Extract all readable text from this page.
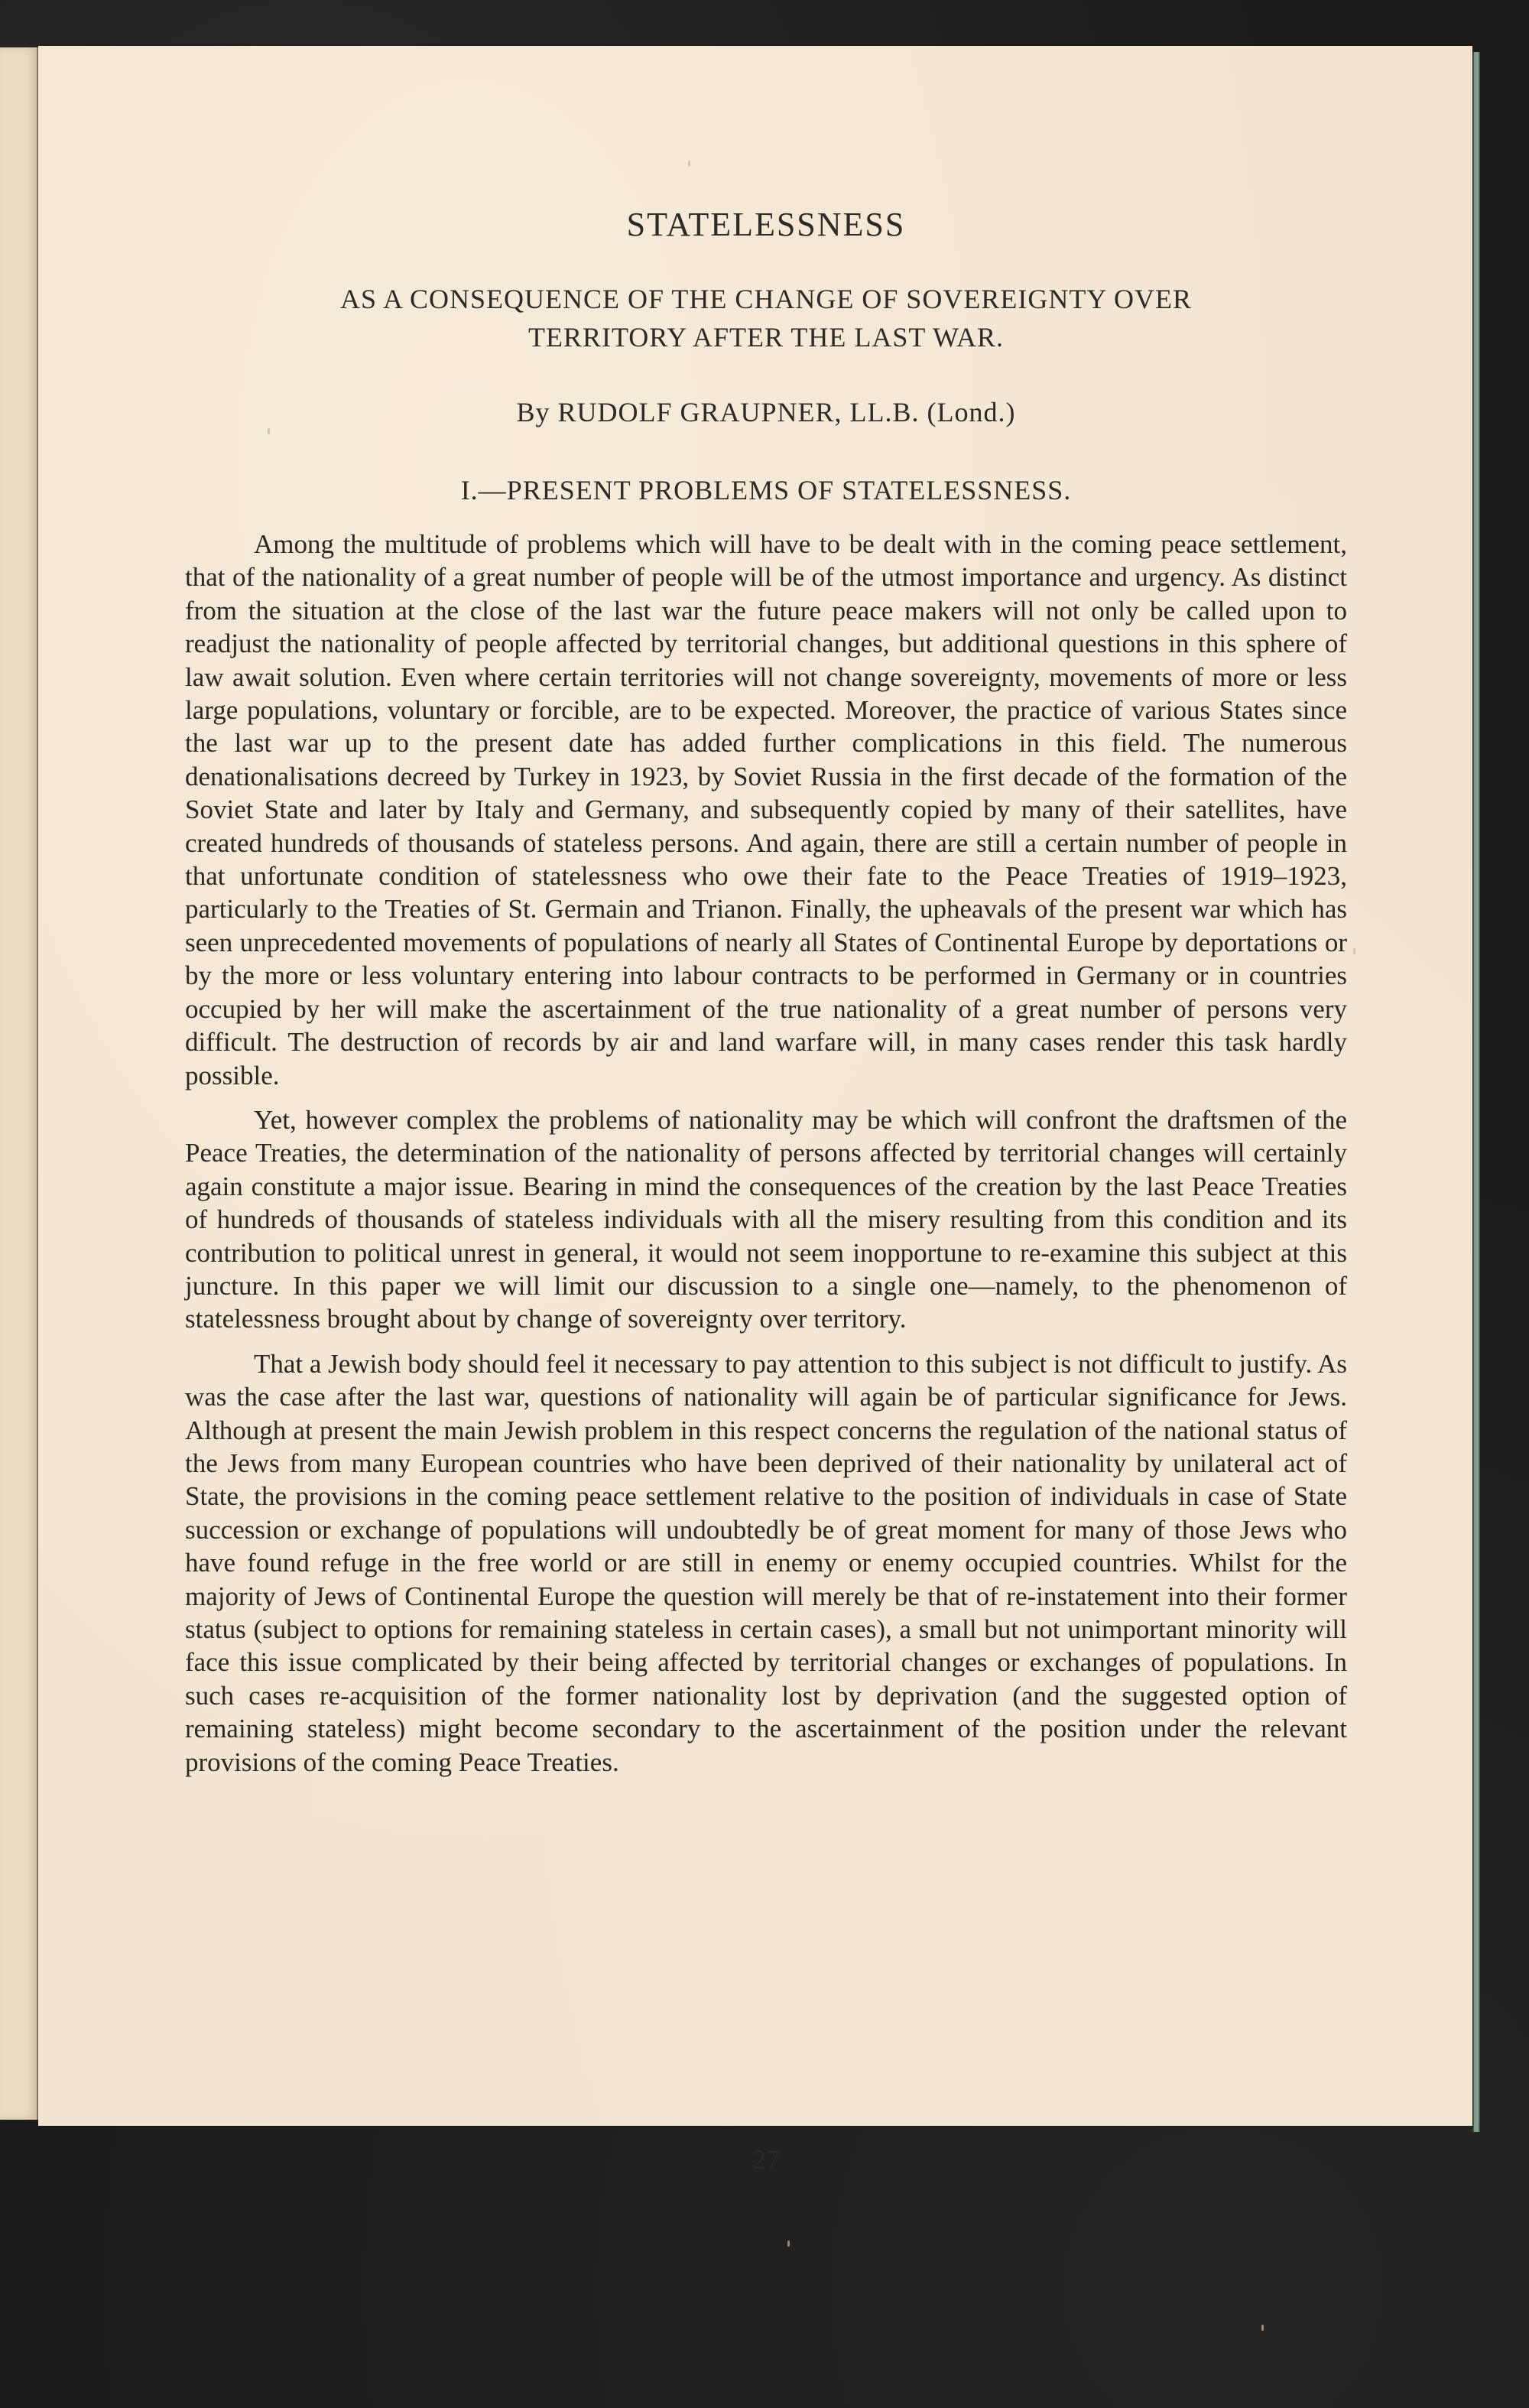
STATELESSNESS
AS A CONSEQUENCE OF THE CHANGE OF SOVEREIGNTY OVER
TERRITORY AFTER THE LAST WAR.
By RUDOLF GRAUPNER, LL.B. (Lond.)
I.—PRESENT PROBLEMS OF STATELESSNESS.

Among the multitude of problems which will have to be dealt with in the coming peace settlement, that of the nationality of a great number of people will be of the utmost importance and urgency. As distinct from the situation at the close of the last war the future peace makers will not only be called upon to readjust the nationality of people affected by territorial changes, but additional questions in this sphere of law await solution. Even where certain territories will not change sovereignty, movements of more or less large populations, voluntary or forcible, are to be expected. Moreover, the practice of various States since the last war up to the present date has added further complications in this field. The numerous denationalisations decreed by Turkey in 1923, by Soviet Russia in the first decade of the formation of the Soviet State and later by Italy and Germany, and subsequently copied by many of their satellites, have created hundreds of thousands of stateless persons. And again, there are still a certain number of people in that unfortunate condition of statelessness who owe their fate to the Peace Treaties of 1919–1923, particularly to the Treaties of St. Germain and Trianon. Finally, the upheavals of the present war which has seen unprecedented movements of populations of nearly all States of Continental Europe by deportations or by the more or less voluntary entering into labour contracts to be performed in Germany or in countries occupied by her will make the ascertainment of the true nationality of a great number of persons very difficult. The destruction of records by air and land warfare will, in many cases render this task hardly possible.

Yet, however complex the problems of nationality may be which will confront the draftsmen of the Peace Treaties, the determination of the nationality of persons affected by territorial changes will certainly again constitute a major issue. Bearing in mind the consequences of the creation by the last Peace Treaties of hundreds of thousands of stateless individuals with all the misery resulting from this condition and its contribution to political unrest in general, it would not seem inopportune to re-examine this subject at this juncture. In this paper we will limit our discussion to a single one—namely, to the phenomenon of statelessness brought about by change of sovereignty over territory.

That a Jewish body should feel it necessary to pay attention to this subject is not difficult to justify. As was the case after the last war, questions of nationality will again be of particular significance for Jews. Although at present the main Jewish problem in this respect concerns the regulation of the national status of the Jews from many European countries who have been deprived of their nationality by unilateral act of State, the provisions in the coming peace settlement relative to the position of individuals in case of State succession or exchange of populations will undoubtedly be of great moment for many of those Jews who have found refuge in the free world or are still in enemy or enemy occupied countries. Whilst for the majority of Jews of Continental Europe the question will merely be that of re-instatement into their former status (subject to options for remaining stateless in certain cases), a small but not unimportant minority will face this issue complicated by their being affected by territorial changes or exchanges of populations. In such cases re-acquisition of the former nationality lost by deprivation (and the suggested option of remaining stateless) might become secondary to the ascertainment of the position under the relevant provisions of the coming Peace Treaties.

27
